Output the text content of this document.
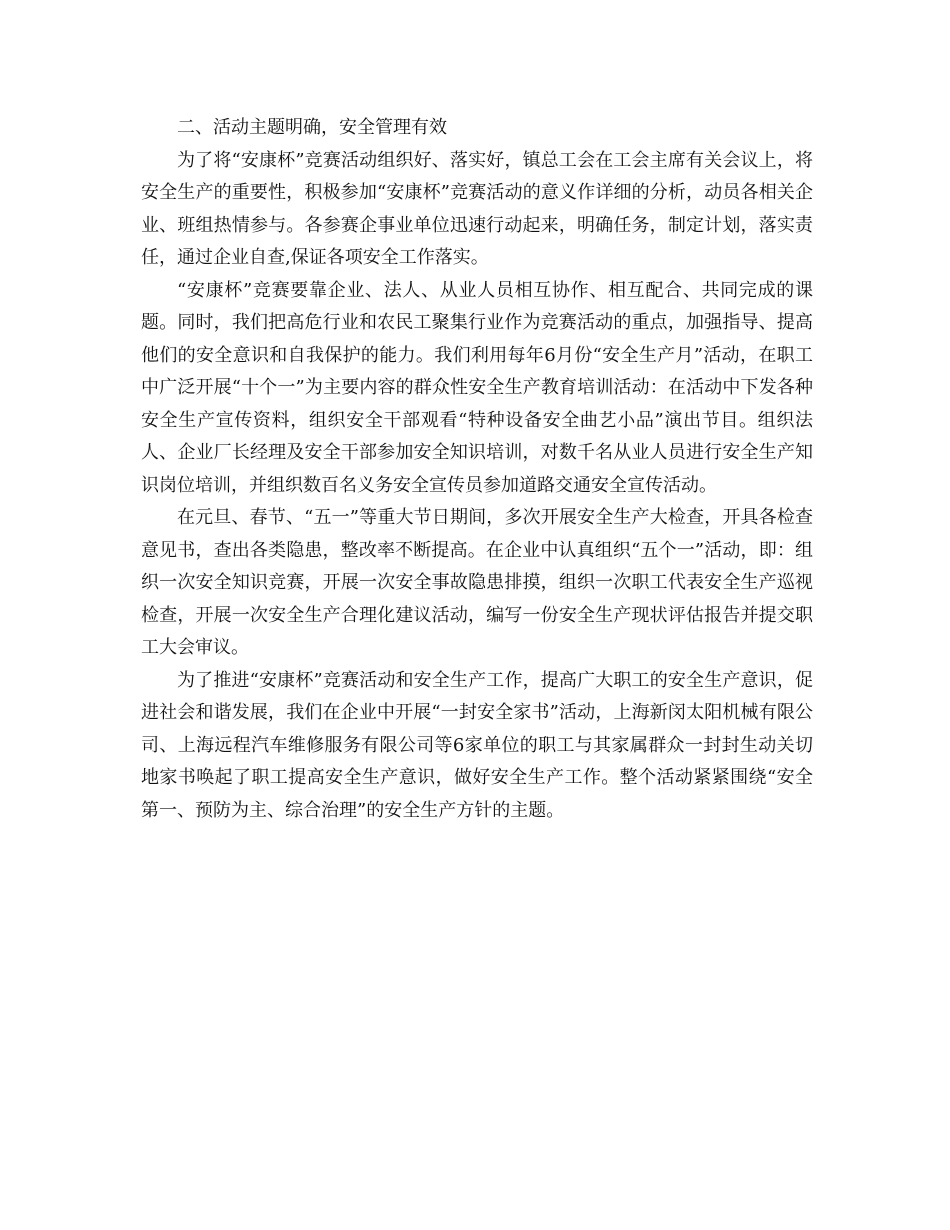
二、活动主题明确，安全管理有效

为了将“安康杯”竞赛活动组织好、落实好，镇总工会在工会主席有关会议上，将安全生产的重要性，积极参加“安康杯”竞赛活动的意义作详细的分析，动员各相关企业、班组热情参与。各参赛企事业单位迅速行动起来，明确任务，制定计划，落实责任，通过企业自查,保证各项安全工作落实。

“安康杯”竞赛要靠企业、法人、从业人员相互协作、相互配合、共同完成的课题。同时，我们把高危行业和农民工聚集行业作为竞赛活动的重点，加强指导、提高他们的安全意识和自我保护的能力。我们利用每年6月份“安全生产月”活动，在职工中广泛开展“十个一”为主要内容的群众性安全生产教育培训活动：在活动中下发各种安全生产宣传资料，组织安全干部观看“特种设备安全曲艺小品”演出节目。组织法人、企业厂长经理及安全干部参加安全知识培训，对数千名从业人员进行安全生产知识岗位培训，并组织数百名义务安全宣传员参加道路交通安全宣传活动。

在元旦、春节、“五一”等重大节日期间，多次开展安全生产大检查，开具各检查意见书，查出各类隐患，整改率不断提高。在企业中认真组织“五个一”活动，即：组织一次安全知识竞赛，开展一次安全事故隐患排摸，组织一次职工代表安全生产巡视检查，开展一次安全生产合理化建议活动，编写一份安全生产现状评估报告并提交职工大会审议。

为了推进“安康杯”竞赛活动和安全生产工作，提高广大职工的安全生产意识，促进社会和谐发展，我们在企业中开展“一封安全家书”活动，上海新闵太阳机械有限公司、上海远程汽车维修服务有限公司等6家单位的职工与其家属群众一封封生动关切地家书唤起了职工提高安全生产意识，做好安全生产工作。整个活动紧紧围绕“安全第一、预防为主、综合治理”的安全生产方针的主题。
